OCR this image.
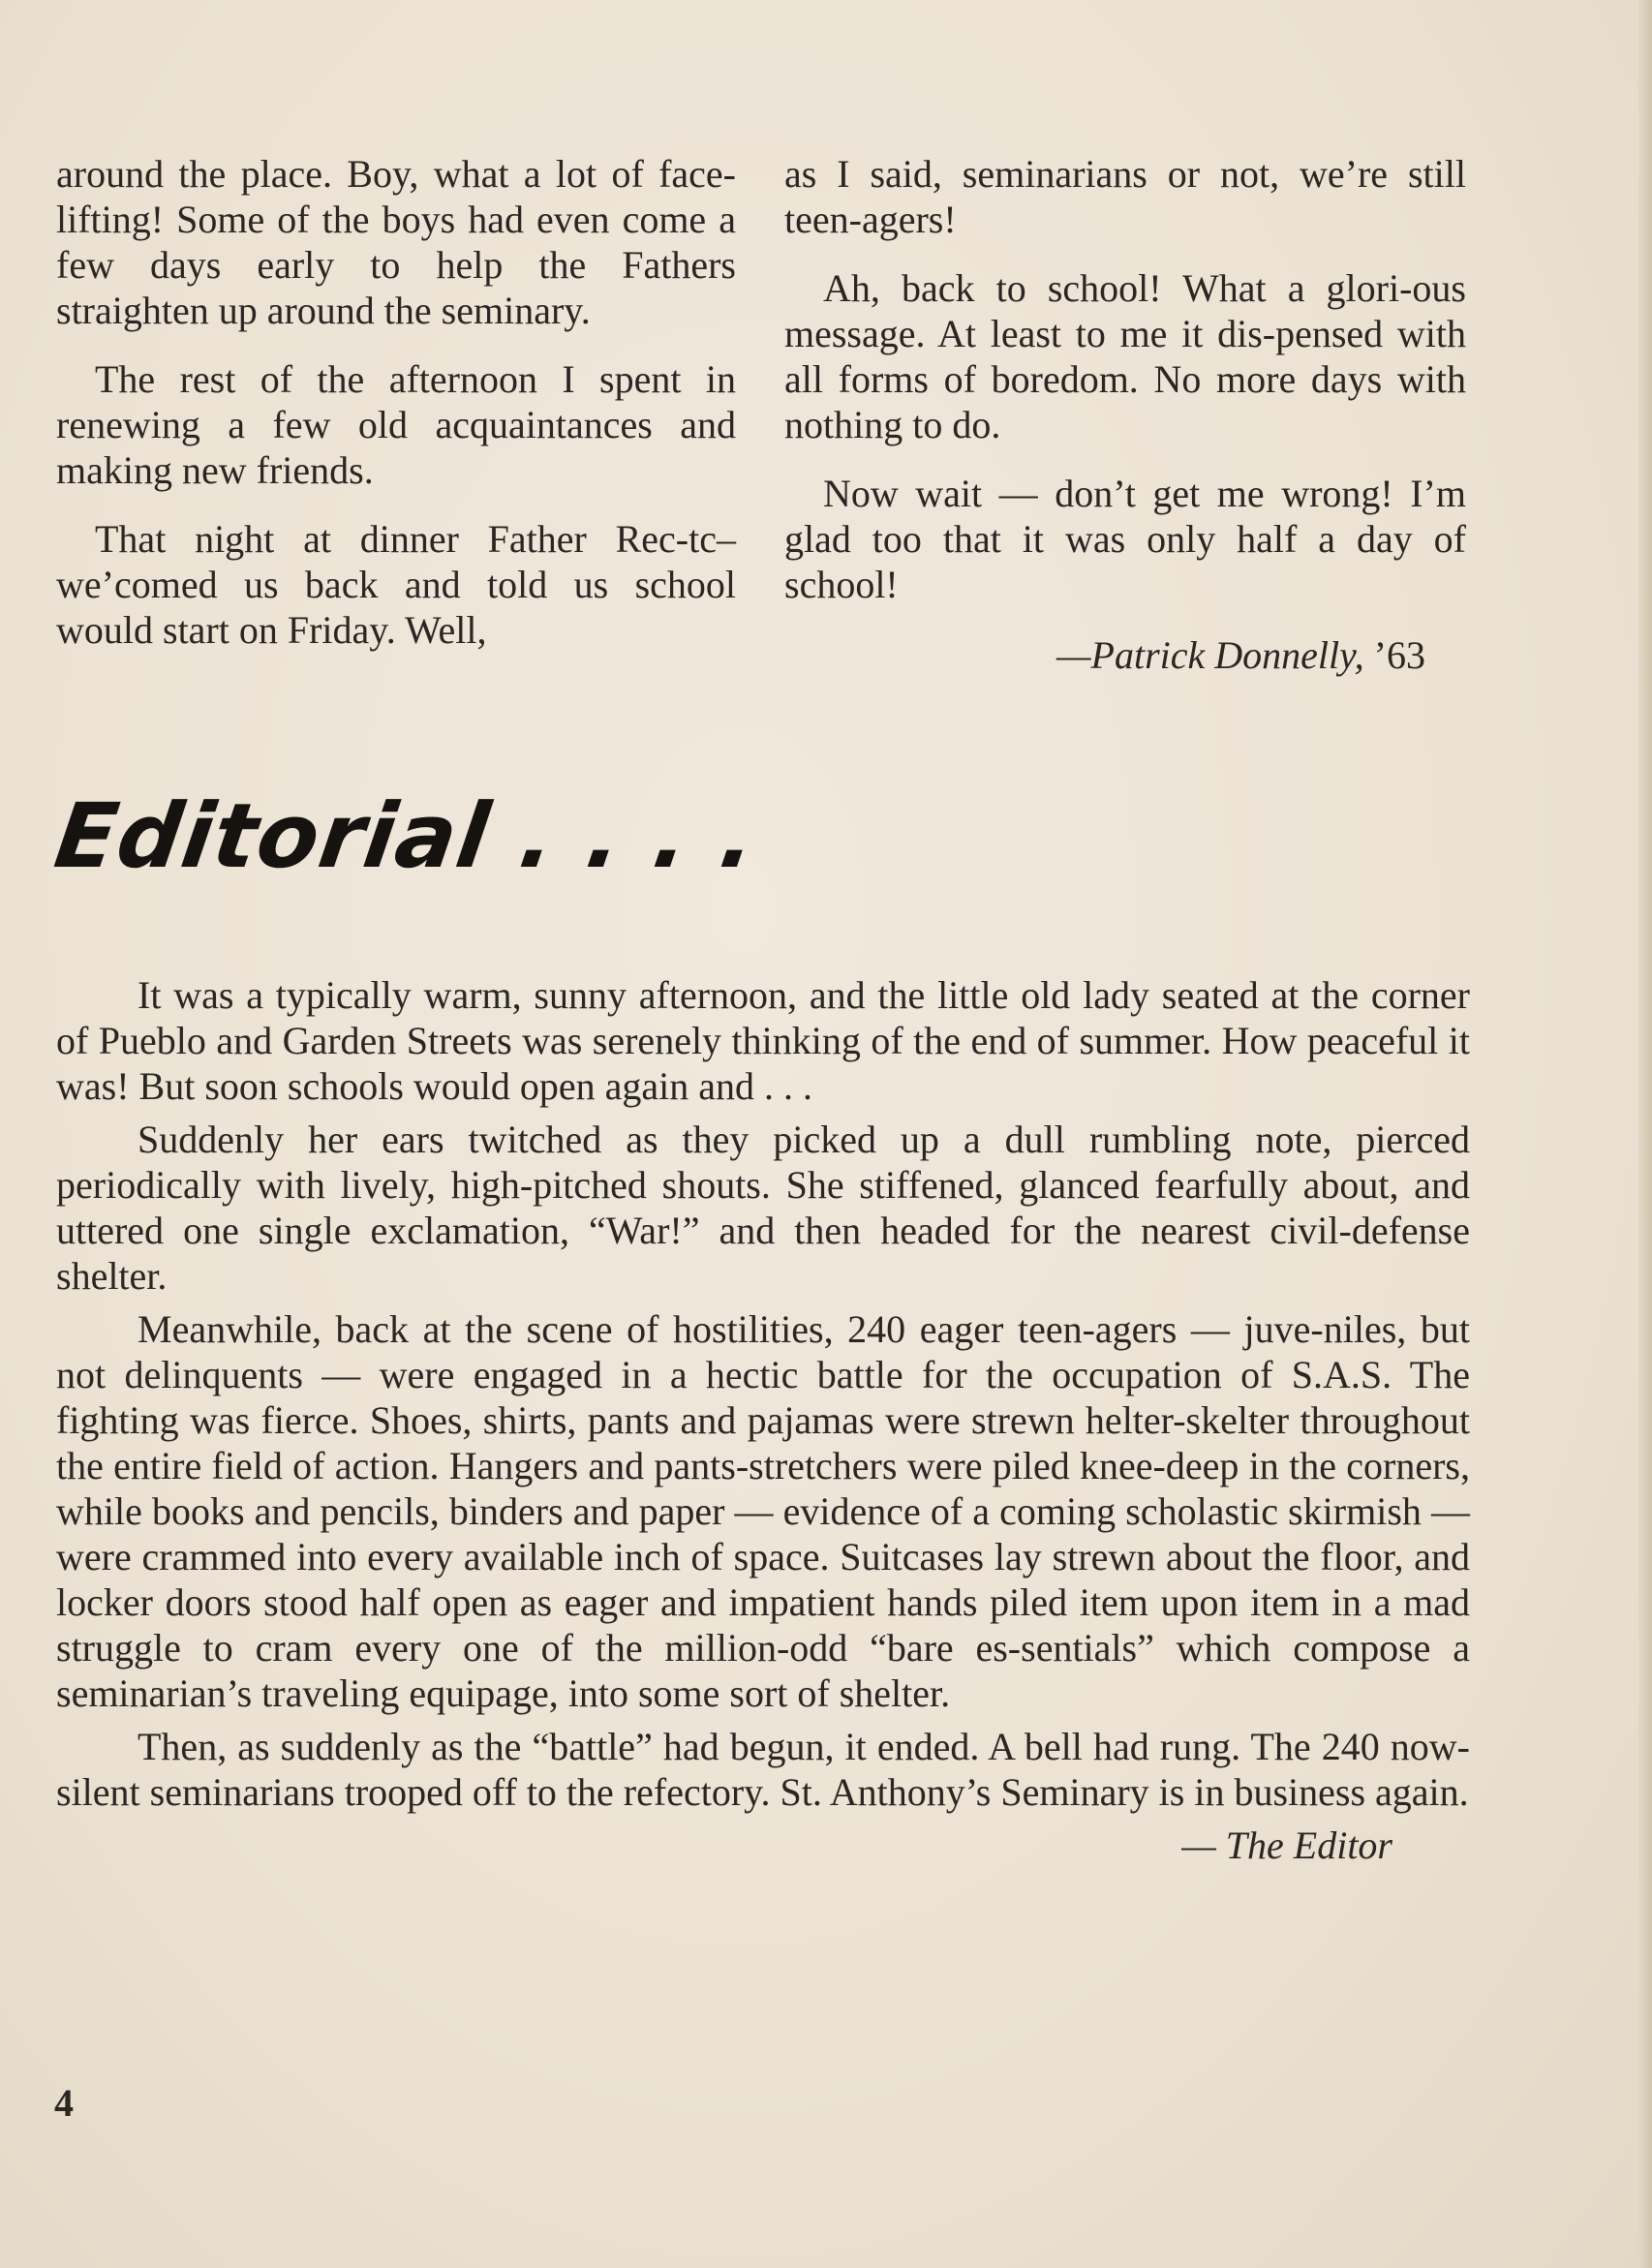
around the place. Boy, what a lot of face-lifting! Some of the boys had even come a few days early to help the Fathers straighten up around the seminary.

The rest of the afternoon I spent in renewing a few old acquaintances and making new friends.

That night at dinner Father Rec-tc– we’comed us back and told us school would start on Friday. Well,

as I said, seminarians or not, we’re still teen-agers!

Ah, back to school! What a glori-ous message. At least to me it dis-pensed with all forms of boredom. No more days with nothing to do.

Now wait — don’t get me wrong! I’m glad too that it was only half a day of school!

—Patrick Donnelly, ’63
Editorial . . . .

It was a typically warm, sunny afternoon, and the little old lady seated at the corner of Pueblo and Garden Streets was serenely thinking of the end of summer. How peaceful it was! But soon schools would open again and . . .

Suddenly her ears twitched as they picked up a dull rumbling note, pierced periodically with lively, high-pitched shouts. She stiffened, glanced fearfully about, and uttered one single exclamation, “War!” and then headed for the nearest civil-defense shelter.

Meanwhile, back at the scene of hostilities, 240 eager teen-agers — juve-niles, but not delinquents — were engaged in a hectic battle for the occupation of S.A.S. The fighting was fierce. Shoes, shirts, pants and pajamas were strewn helter-skelter throughout the entire field of action. Hangers and pants-stretchers were piled knee-deep in the corners, while books and pencils, binders and paper — evidence of a coming scholastic skirmish — were crammed into every available inch of space. Suitcases lay strewn about the floor, and locker doors stood half open as eager and impatient hands piled item upon item in a mad struggle to cram every one of the million-odd “bare es-sentials” which compose a seminarian’s traveling equipage, into some sort of shelter.

Then, as suddenly as the “battle” had begun, it ended. A bell had rung. The 240 now-silent seminarians trooped off to the refectory. St. Anthony’s Seminary is in business again.

— The Editor
4
